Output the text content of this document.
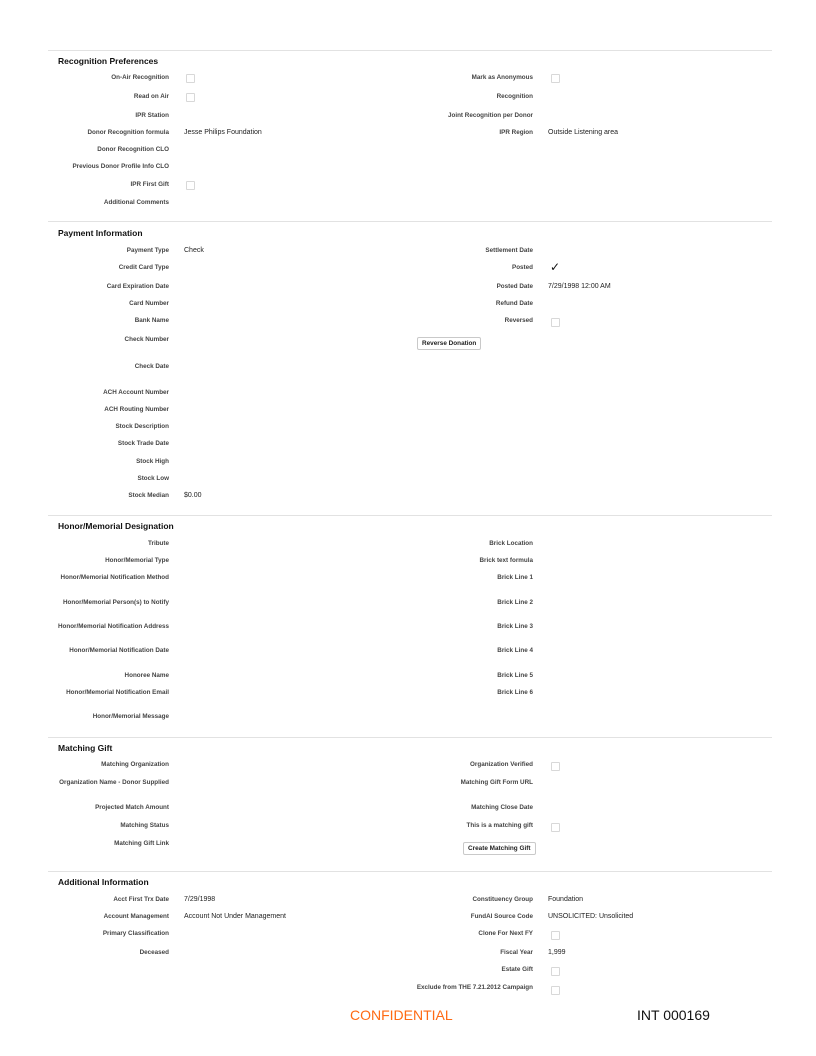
Recognition Preferences
On-Air Recognition
Read on Air
IPR Station
Donor Recognition formula Jesse Philips Foundation
Donor Recognition CLO
Previous Donor Profile Info CLO
IPR First Gift
Additional Comments
Mark as Anonymous
Recognition
Joint Recognition per Donor
IPR Region Outside Listening area
Payment Information
Payment Type Check
Credit Card Type
Card Expiration Date
Card Number
Bank Name
Check Number
Check Date
ACH Account Number
ACH Routing Number
Stock Description
Stock Trade Date
Stock High
Stock Low
Stock Median $0.00
Settlement Date
Posted ✓
Posted Date 7/29/1998 12:00 AM
Refund Date
Reversed
Reverse Donation
Honor/Memorial Designation
Tribute
Honor/Memorial Type
Honor/Memorial Notification Method
Honor/Memorial Person(s) to Notify
Honor/Memorial Notification Address
Honor/Memorial Notification Date
Honoree Name
Honor/Memorial Notification Email
Honor/Memorial Message
Brick Location
Brick text formula
Brick Line 1
Brick Line 2
Brick Line 3
Brick Line 4
Brick Line 5
Brick Line 6
Matching Gift
Matching Organization
Organization Name - Donor Supplied
Projected Match Amount
Matching Status
Matching Gift Link
Organization Verified
Matching Gift Form URL
Matching Close Date
This is a matching gift
Create Matching Gift
Additional Information
Acct First Trx Date 7/29/1998
Account Management Account Not Under Management
Primary Classification
Deceased
Constituency Group Foundation
FundAI Source Code UNSOLICITED: Unsolicited
Clone For Next FY
Fiscal Year 1,999
Estate Gift
Exclude from THE 7.21.2012 Campaign
CONFIDENTIAL	INT 000169
